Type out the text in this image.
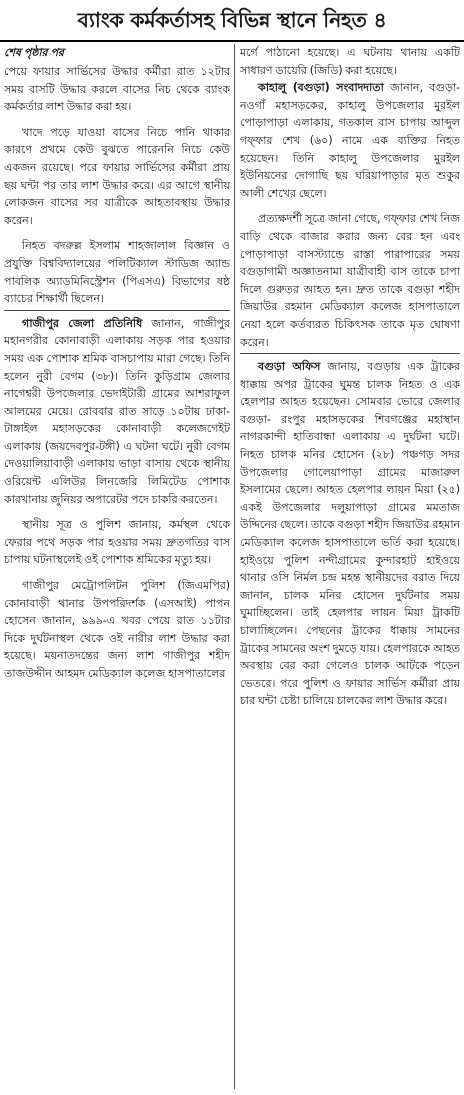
ব্যাংক কর্মকর্তাসহ বিভিন্ন স্থানে নিহত ৪
শেষ পৃষ্ঠার পর

পেয়ে ফায়ার সার্ভিসের উদ্ধার কর্মীরা রাত ১২টার সময় বাসটি উদ্ধার করলে বাসের নিচ থেকে ব্যাংক কর্মকর্তার লাশ উদ্ধার করা হয়।

খাদে পড়ে যাওয়া বাসের নিচে পানি থাকার কারণে প্রথমে কেউ বুঝতে পারেননি নিচে কেউ একজন রয়েছে। পরে ফায়ার সার্ভিসের কর্মীরা প্রায় ছয় ঘন্টা পর তার লাশ উদ্ধার করে। এর আগে স্থানীয় লোকজন বাসের সব যাত্রীকে আহতাবস্থায় উদ্ধার করেন।

নিহত বদরুল্ল ইসলাম শাহজালাল বিজ্ঞান ও প্রযুক্তি বিশ্ববিদ্যালয়ের পলিটিক্যাল স্টাডিজ অ্যান্ড পাবলিক অ্যাডমিনিস্ট্রেশন (পিএসএ) বিভাগের ষষ্ঠ ব্যাচের শিক্ষার্থী ছিলেন।

গাজীপুর জেলা প্রতিনিধি জানান, গাজীপুর মহানগরীর কোনাবাড়ী এলাকায় সড়ক পার হওয়ার সময় এক পোশাক শ্রমিক বাসচাপায় মারা গেছে। তিনি হলেন নুরী বেগম (৩৮)। তিনি কুড়িগ্রাম জেলার নাগেশ্বরী উপজেলার ভেদাইটারী গ্রামের আশরাফুল আলমের মেয়ে। রোববার রাত সাড়ে ১০টায় ঢাকা-টাঙ্গাইল মহাসড়কের কোনাবাড়ী কলেজগেইট এলাকায় (জয়দেবপুর-টঙ্গী) এ ঘটনা ঘটে। নুরী বেগম দেওয়ালিয়াবাড়ী এলাকায় ভাড়া বাসায় থেকে স্থানীয় ওরিয়েন্ট এলিউর লিনজেরি লিমিটেড পোশাক কারখানায় জুনিয়র অপারেটর পদে চাকরি করতেন।

স্থানীয় সূত্র ও পুলিশ জানায়, কর্মস্থল থেকে ফেরার পথে সড়ক পার হওয়ার সময় দ্রুতগতির বাস চাপায় ঘটনাস্থলেই ওই পোশাক শ্রমিকের মৃত্যু হয়।

গাজীপুর মেট্রোপলিটন পুলিশ (জিএমপির) কোনাবাড়ী থানার উপপরিদর্শক (এসআই) পাপন হোসেন জানান, ৯৯৯-এ খবর পেয়ে রাত ১১টার দিকে দুর্ঘটনাস্থল থেকে ওই নারীর লাশ উদ্ধার করা হয়েছে। ময়নাতদন্তের জন্য লাশ গাজীপুর শহীদ তাজউদ্দীন আহমদ মেডিক্যাল কলেজ হাসপাতালের

মর্গে পাঠানো হয়েছে। এ ঘটনায় থানায় একটি সাধারণ ডায়েরি (জিডি) করা হয়েছে।

কাহালু (বগুড়া) সংবাদদাতা জানান, বগুড়া-নওগাঁ মহাসড়কের, কাহালু উপজেলার মুরইল পোড়াপাড়া এলাকায়, গতকাল বাস চাপায় আব্দুল গফ্ফার শেখ (৬০) নামে এক ব্যক্তির নিহত হয়েছেন। তিনি কাহালু উপজেলার মুরইল ইউনিয়নের দোগাছি ছয় ঘরিয়াপাড়ার মৃত শুকুর আলী শেখের ছেলে।

প্রত্যক্ষদর্শী সূত্রে জানা গেছে, গফ্ফার শেখ নিজ বাড়ি থেকে বাজার করার জন্য বের হন এবং পোড়াপাড়া বাসস্ট্যান্ডে রাস্তা পারাপারের সময় বগুড়াগামী অজ্ঞাতনামা যাত্রীবাহী বাস তাকে চাপা দিলে গুরুতর আহত হন। দ্রুত তাকে বগুড়া শহীদ জিয়াউর রহমান মেডিক্যাল কলেজ হাসপাতালে নেয়া হলে কর্তব্যরত চিকিৎসক তাকে মৃত ঘোষণা করেন।

বগুড়া অফিস জানায়, বগুড়ায় এক ট্রাকের ধাক্কায় অপর ট্রাকের ঘুমন্ত চালক নিহত ও এক হেলপার আহত হয়েছেন। সোমবার ভোরে জেলার বগুড়া- রংপুর মহাসড়কের শিবগঞ্জের মহাস্থান নাগরকান্দী হাতিবান্ধা এলাকায় এ দুর্ঘটনা ঘটে। নিহত চালক মনির হোসেন (২৮) পঞ্চগড় সদর উপজেলার গোলেয়াপাড়া গ্রামের মাজারুল ইসলামের ছেলে। আহত হেলপার লায়ন মিয়া (২৫) একই উপজেলার দলুয়াপাড়া গ্রামের মমতাজ উদ্দিনের ছেলে। তাকে বগুড়া শহীদ জিয়াউর রহমান মেডিক্যাল কলেজ হাসপাতালে ভর্তি করা হয়েছে। হাইওয়ে পুলিশ নন্দীগ্রামের কুন্দারহাট হাইওয়ে থানার ওসি নির্মল চন্দ্র মহন্ত স্থানীয়দের বরাত দিয়ে জানান, চালক মনির হোসেন দুর্ঘটনার সময় ঘুমাচ্ছিলেন। তাই হেলপার লায়ন মিয়া ট্রাকটি চালাচ্ছিলেন। পেছনের ট্রাকের ধাক্কায় সামনের ট্রাকের সামনের অংশ দুমড়ে যায়। হেলপারকে আহত অবস্থায় বের করা গেলেও চালক আটকে পড়েন ভেতরে। পরে পুলিশ ও ফায়ার সার্ভিস কর্মীরা প্রায় চার ঘন্টা চেষ্টা চালিয়ে চালকের লাশ উদ্ধার করে।
